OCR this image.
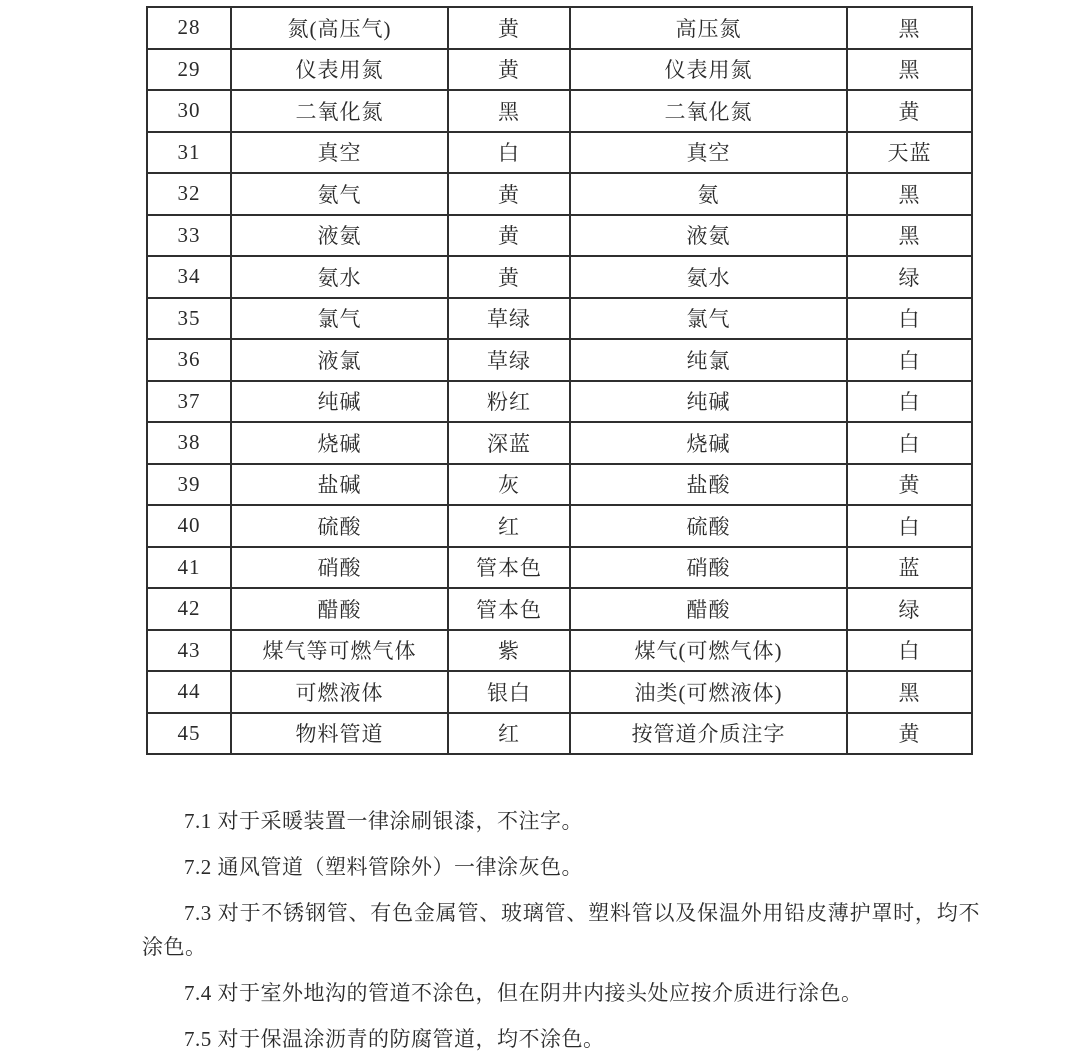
28	氮(高压气)	黄	高压氮	黑
29	仪表用氮	黄	仪表用氮	黑
30	二氧化氮	黑	二氧化氮	黄
31	真空	白	真空	天蓝
32	氨气	黄	氨	黑
33	液氨	黄	液氨	黑
34	氨水	黄	氨水	绿
35	氯气	草绿	氯气	白
36	液氯	草绿	纯氯	白
37	纯碱	粉红	纯碱	白
38	烧碱	深蓝	烧碱	白
39	盐碱	灰	盐酸	黄
40	硫酸	红	硫酸	白
41	硝酸	管本色	硝酸	蓝
42	醋酸	管本色	醋酸	绿
43	煤气等可燃气体	紫	煤气(可燃气体)	白
44	可燃液体	银白	油类(可燃液体)	黑
45	物料管道	红	按管道介质注字	黄

7.1 对于采暖装置一律涂刷银漆，不注字。

7.2 通风管道（塑料管除外）一律涂灰色。

7.3 对于不锈钢管、有色金属管、玻璃管、塑料管以及保温外用铅皮薄护罩时，均不涂色。

7.4 对于室外地沟的管道不涂色，但在阴井内接头处应按介质进行涂色。

7.5 对于保温涂沥青的防腐管道，均不涂色。
